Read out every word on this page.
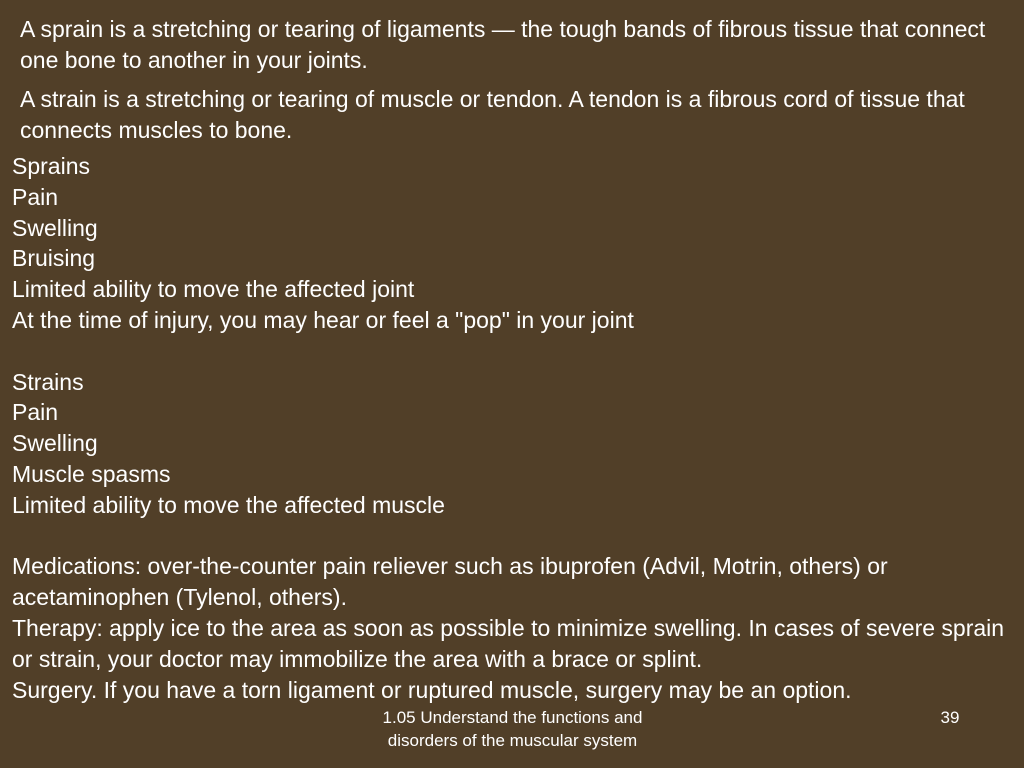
A sprain is a stretching or tearing of ligaments — the tough bands of fibrous tissue that connect one bone to another in your joints.

A strain is a stretching or tearing of muscle or tendon. A tendon is a fibrous cord of tissue that connects muscles to bone.

Sprains
Pain
Swelling
Bruising
Limited ability to move the affected joint
At the time of injury, you may hear or feel a "pop" in your joint
Strains
Pain
Swelling
Muscle spasms
Limited ability to move the affected muscle
Medications: over-the-counter pain reliever such as ibuprofen (Advil, Motrin, others) or acetaminophen (Tylenol, others).
Therapy: apply ice to the area as soon as possible to minimize swelling. In cases of severe sprain or strain, your doctor may immobilize the area with a brace or splint.
Surgery. If you have a torn ligament or ruptured muscle, surgery may be an option.
1.05 Understand the functions and
disorders of the muscular system
39
